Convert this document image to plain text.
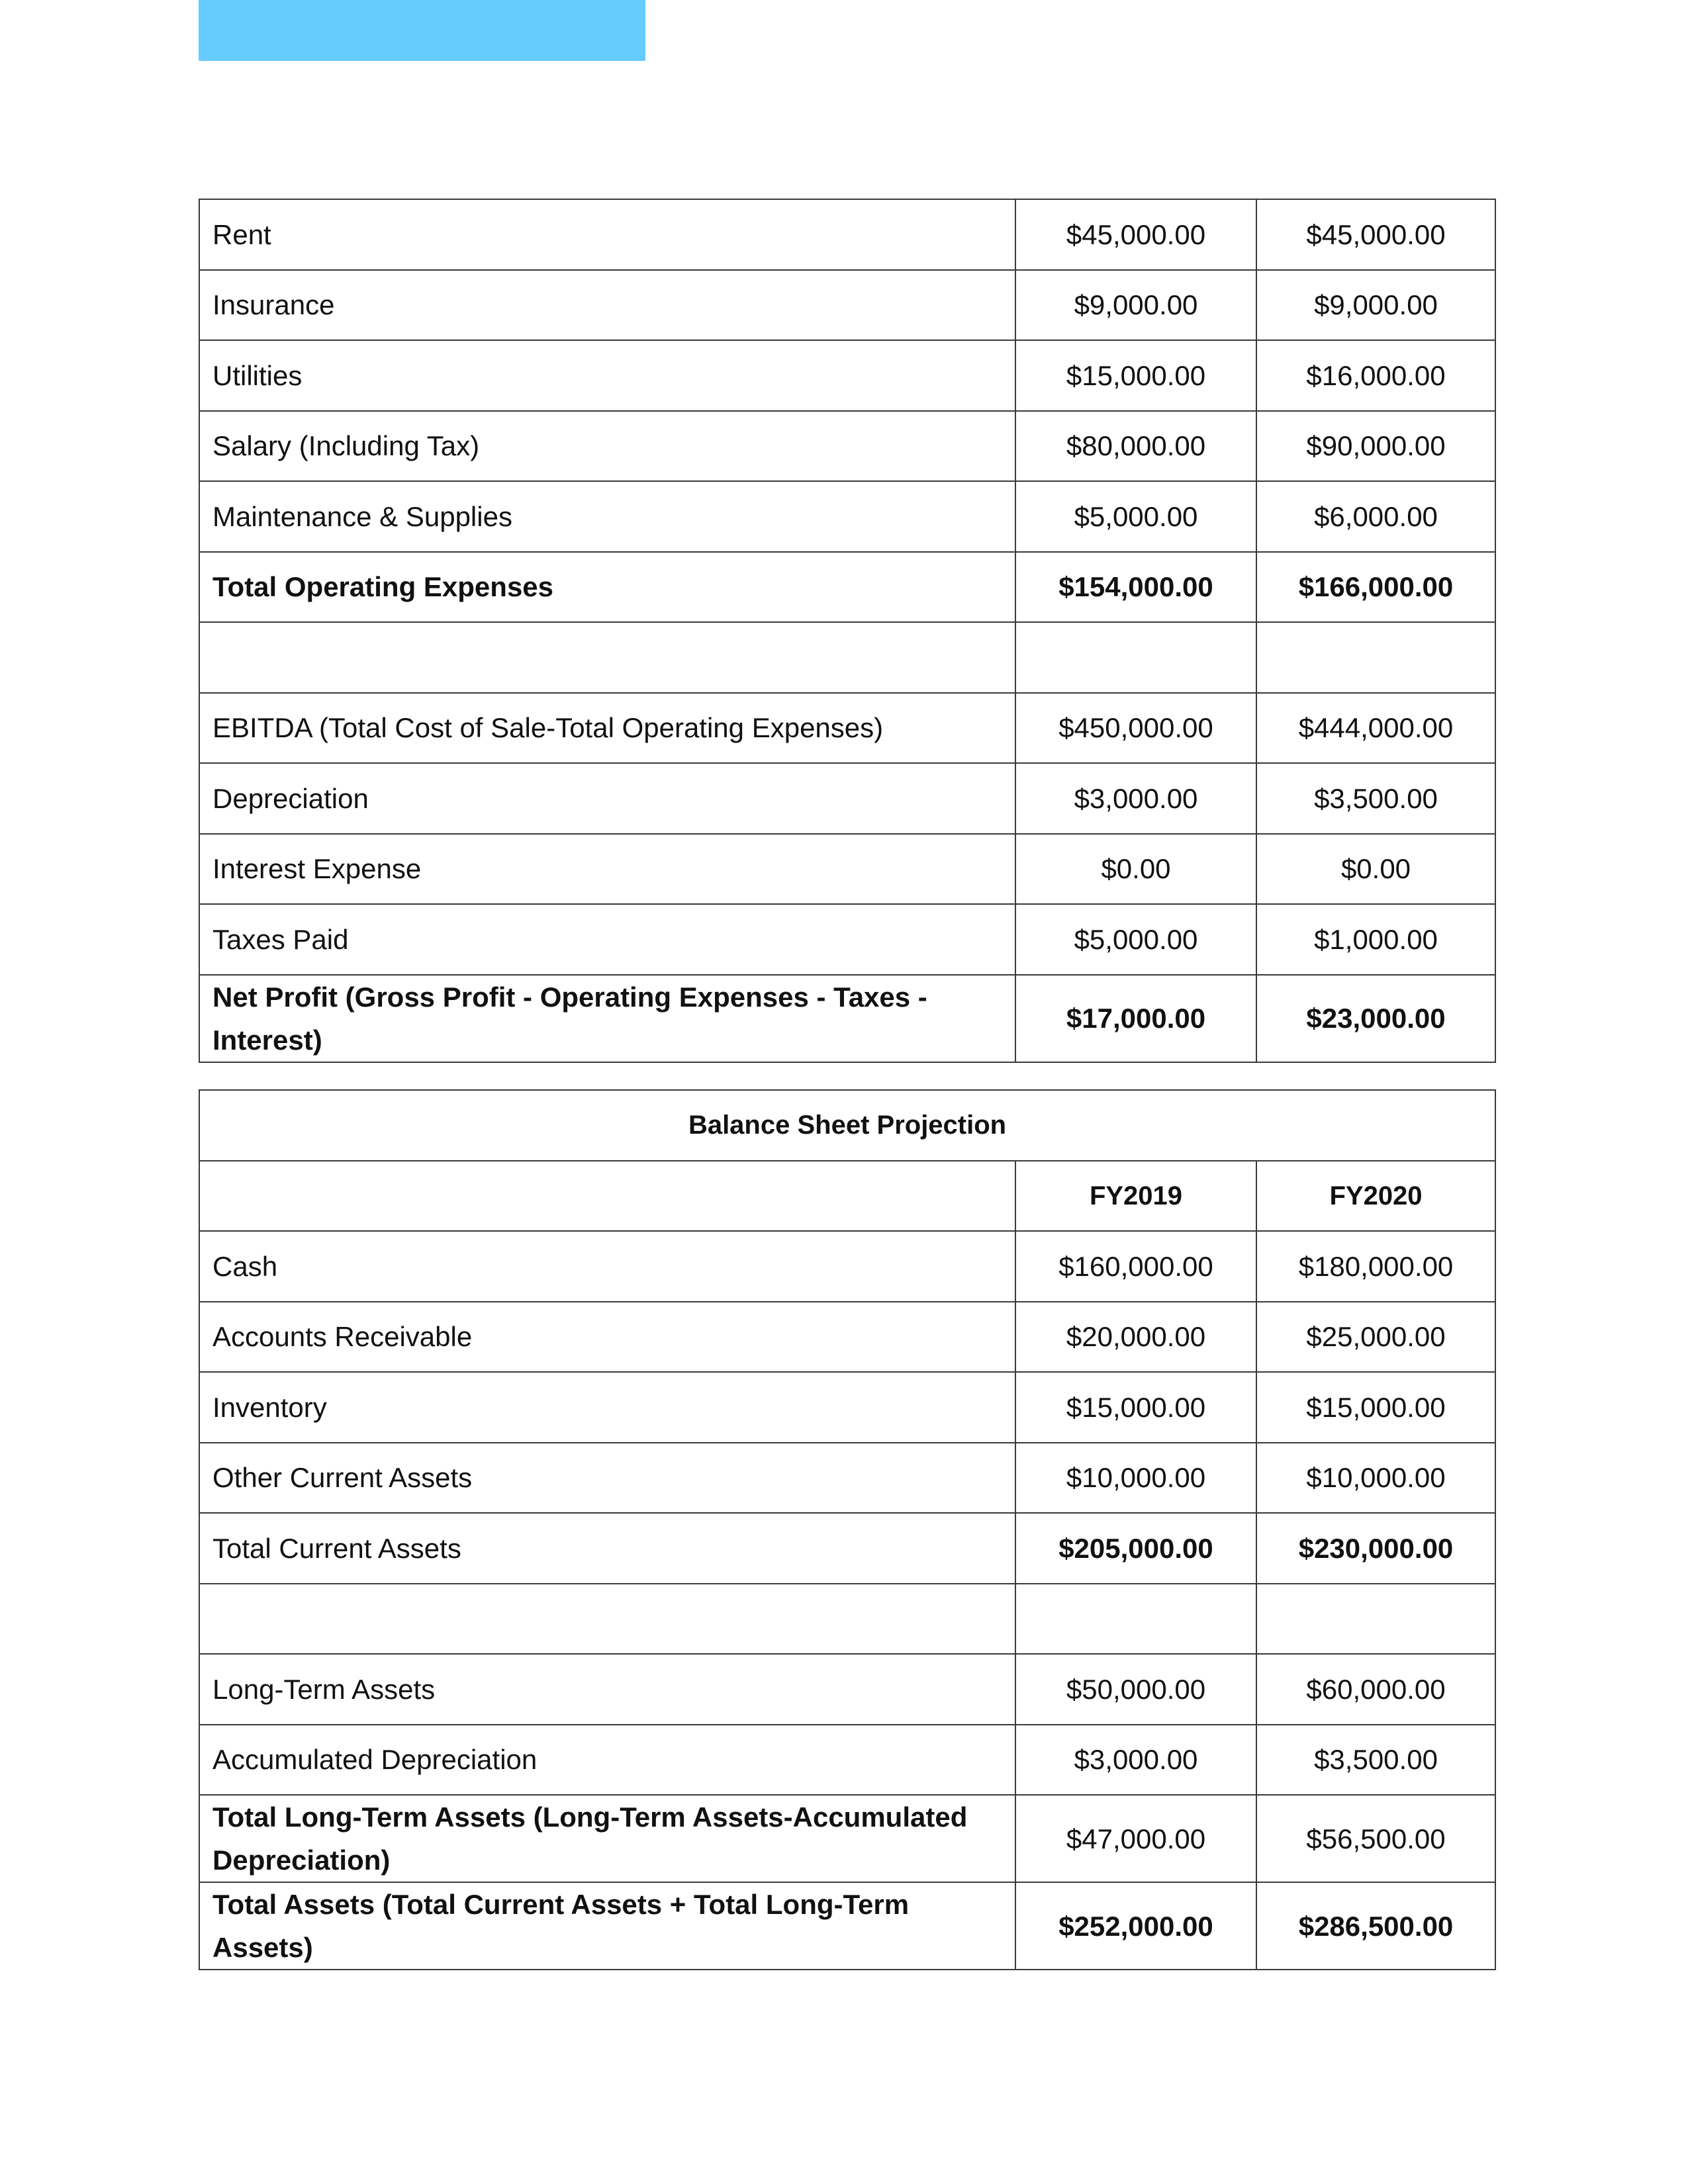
Rent	$45,000.00	$45,000.00
Insurance	$9,000.00	$9,000.00
Utilities	$15,000.00	$16,000.00
Salary (Including Tax)	$80,000.00	$90,000.00
Maintenance & Supplies	$5,000.00	$6,000.00
Total Operating Expenses	$154,000.00	$166,000.00

EBITDA (Total Cost of Sale-Total Operating Expenses)	$450,000.00	$444,000.00
Depreciation	$3,000.00	$3,500.00
Interest Expense	$0.00	$0.00
Taxes Paid	$5,000.00	$1,000.00
Net Profit (Gross Profit - Operating Expenses - Taxes - Interest)	$17,000.00	$23,000.00
Balance Sheet Projection		
	FY2019	FY2020
Cash	$160,000.00	$180,000.00
Accounts Receivable	$20,000.00	$25,000.00
Inventory	$15,000.00	$15,000.00
Other Current Assets	$10,000.00	$10,000.00
Total Current Assets	$205,000.00	$230,000.00

Long-Term Assets	$50,000.00	$60,000.00
Accumulated Depreciation	$3,000.00	$3,500.00
Total Long-Term Assets (Long-Term Assets-Accumulated Depreciation)	$47,000.00	$56,500.00
Total Assets (Total Current Assets + Total Long-Term Assets)	$252,000.00	$286,500.00
